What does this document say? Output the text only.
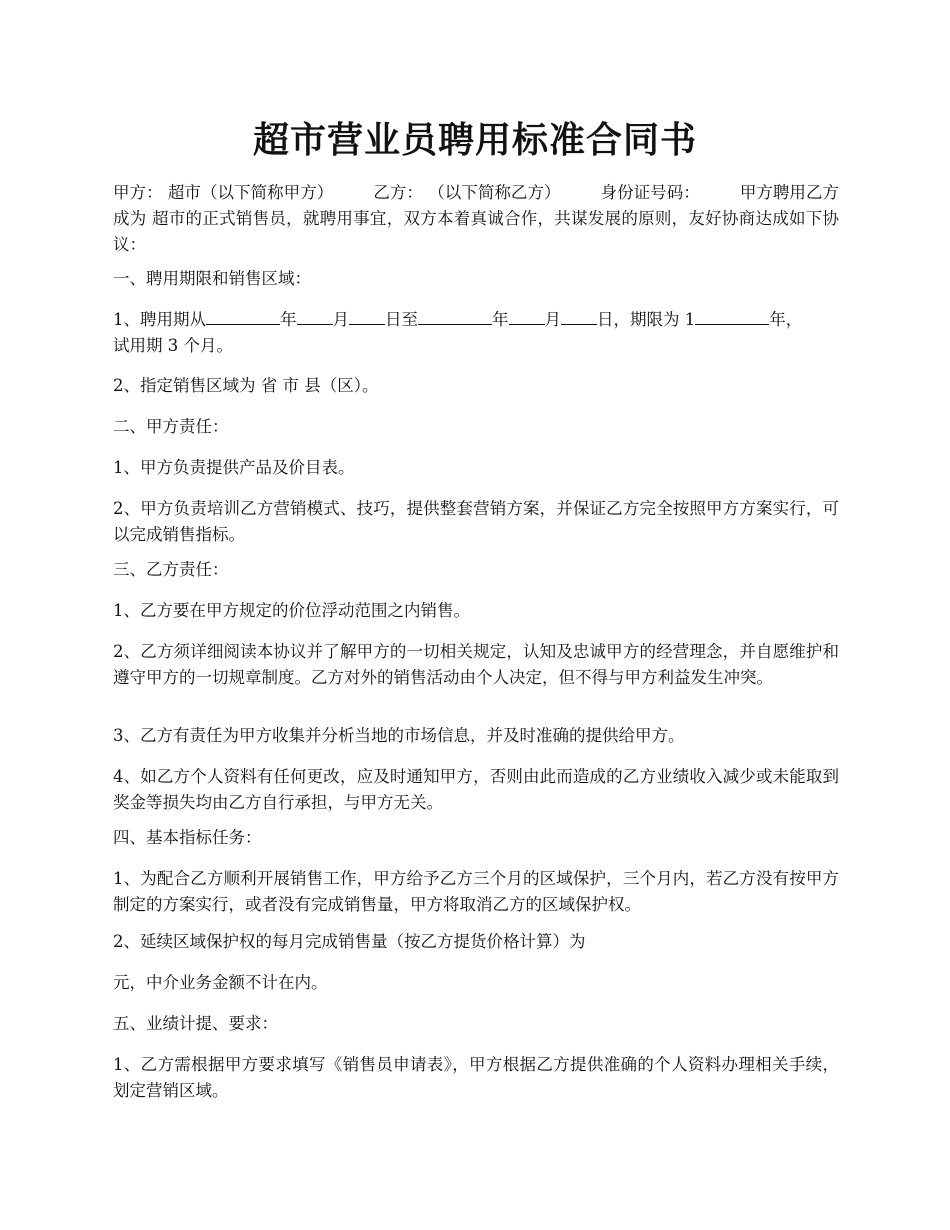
超市营业员聘用标准合同书

甲方： 超市（以下简称甲方） 乙方： （以下简称乙方） 身份证号码： 甲方聘用乙方成为 超市的正式销售员，就聘用事宜，双方本着真诚合作，共谋发展的原则，友好协商达成如下协议：

一、聘用期限和销售区域：

1、聘用期从	年 月 日至	年 月 日，期限为 1	年，
试用期 3 个月。

2、指定销售区域为 省 市 县（区）。

二、甲方责任：

1、甲方负责提供产品及价目表。

2、甲方负责培训乙方营销模式、技巧，提供整套营销方案，并保证乙方完全按照甲方方案实行，可以完成销售指标。

三、乙方责任：

1、乙方要在甲方规定的价位浮动范围之内销售。

2、乙方须详细阅读本协议并了解甲方的一切相关规定，认知及忠诚甲方的经营理念，并自愿维护和遵守甲方的一切规章制度。乙方对外的销售活动由个人决定，但不得与甲方利益发生冲突。

3、乙方有责任为甲方收集并分析当地的市场信息，并及时准确的提供给甲方。

4、如乙方个人资料有任何更改，应及时通知甲方，否则由此而造成的乙方业绩收入减少或未能取到奖金等损失均由乙方自行承担，与甲方无关。

四、基本指标任务：

1、为配合乙方顺利开展销售工作，甲方给予乙方三个月的区域保护，三个月内，若乙方没有按甲方制定的方案实行，或者没有完成销售量，甲方将取消乙方的区域保护权。

2、延续区域保护权的每月完成销售量（按乙方提货价格计算）为

元，中介业务金额不计在内。

五、业绩计提、要求：

1、乙方需根据甲方要求填写《销售员申请表》，甲方根据乙方提供准确的个人资料办理相关手续，划定营销区域。
